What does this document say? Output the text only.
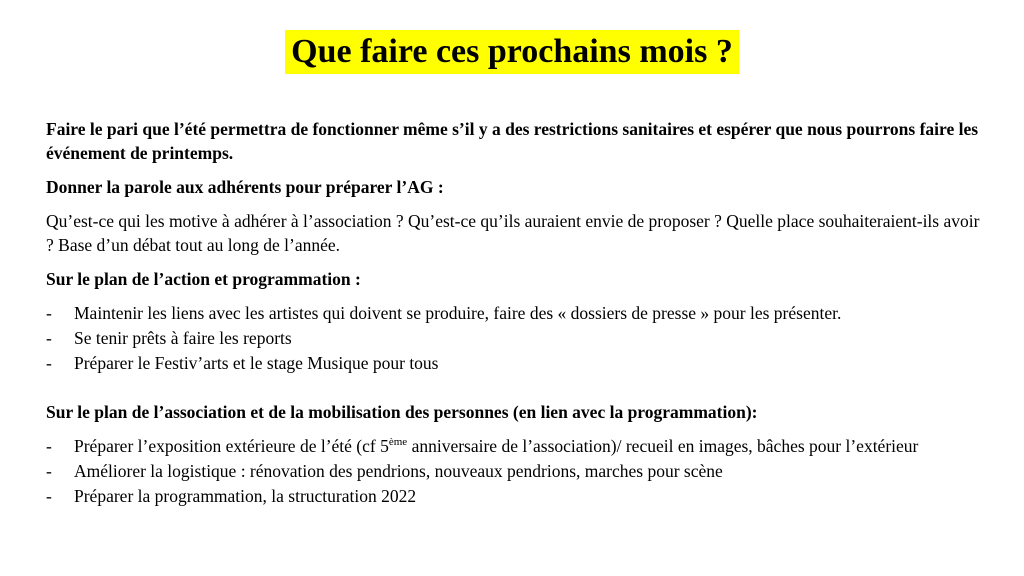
Que faire ces prochains mois ?

Faire le pari que l’été permettra de fonctionner même s’il y a des restrictions sanitaires et espérer que nous pourrons faire les événement de printemps.

Donner la parole aux adhérents pour préparer l’AG :

Qu’est-ce qui les motive à adhérer à l’association ? Qu’est-ce qu’ils auraient envie de proposer ? Quelle place souhaiteraient-ils avoir ? Base d’un débat tout au long de l’année.

Sur le plan de l’action et programmation :

- Maintenir les liens avec les artistes qui doivent se produire, faire des « dossiers de presse » pour les présenter.
- Se tenir prêts à faire les reports
- Préparer le Festiv’arts et le stage Musique pour tous

Sur le plan de l’association et de la mobilisation des personnes (en lien avec la programmation):

- Préparer l’exposition extérieure de l’été (cf 5ème anniversaire de l’association)/ recueil en images, bâches pour l’extérieur
- Améliorer la logistique : rénovation des pendrions, nouveaux pendrions, marches pour scène
- Préparer la programmation, la structuration 2022
